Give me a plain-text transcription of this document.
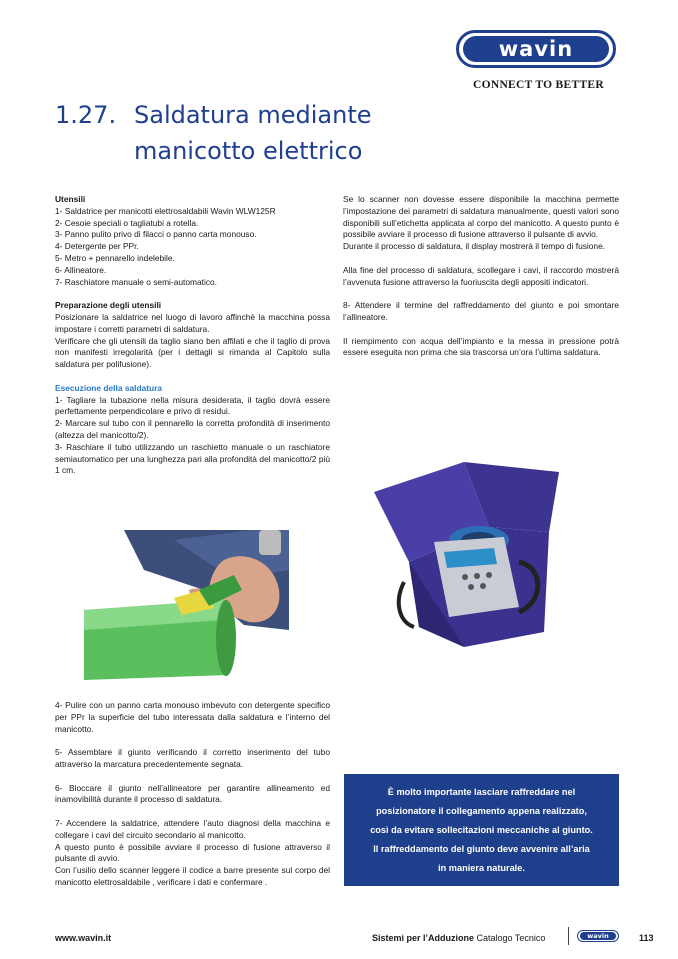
wavin
CONNECT TO BETTER
1.27. Saldatura mediante
manicotto elettrico

Utensili

1- Saldatrice per manicotti elettrosaldabili Wavin WLW125R

2- Cesoie speciali o tagliatubi a rotella.

3- Panno pulito privo di filacci o panno carta monouso.

4- Detergente per PPr.

5- Metro + pennarello indelebile.

6- Allineatore.

7- Raschiatore manuale o semi-automatico.

Preparazione degli utensili

Posizionare la saldatrice nel luogo di lavoro affinchè la macchina possa impostare i corretti parametri di saldatura.

Verificare che gli utensili da taglio siano ben affilati e che il taglio di prova non manifesti irregolarità (per i dettagli si rimanda al Capitolo sulla saldatura per polifusione).

Esecuzione della saldatura

1- Tagliare la tubazione nella misura desiderata, il taglio dovrà essere perfettamente perpendicolare e privo di residui.

2- Marcare sul tubo con il pennarello la corretta profondità di inserimento (altezza del manicotto/2).

3- Raschiare il tubo utilizzando un raschietto manuale o un raschiatore semiautomatico per una lunghezza pari alla profondità del manicotto/2 più 1 cm.

4- Pulire con un panno carta monouso imbevuto con detergente specifico per PPr la superficie del tubo interessata dalla saldatura e l’interno del manicotto.

5- Assemblare il giunto verificando il corretto inserimento del tubo attraverso la marcatura precedentemente segnata.

6- Bloccare il giunto nell’allineatore per garantire allineamento ed inamovibilità durante il processo di saldatura.

7- Accendere la saldatrice, attendere l’auto diagnosi della macchina e collegare i cavi del circuito secondario al manicotto.

A questo punto è possibile avviare il processo di fusione attraverso il pulsante di avvio.

Con l’usilio dello scanner leggere il codice a barre presente sul corpo del manicotto elettrosaldabile , verificare i dati e confermare .

Se lo scanner non dovesse essere disponibile la macchina permette l’impostazione dei parametri di saldatura manualmente, questi valori sono disponibili sull’etichetta applicata al corpo del manicotto. A questo punto è possibile avviare il processo di fusione attraverso il pulsante di avvio.

Durante il processo di saldatura, il display mostrerà il tempo di fusione.

Alla fine del processo di saldatura, scollegare i cavi, il raccordo mostrerà l’avvenuta fusione attraverso la fuoriuscita degli appositi indicatori.

8- Attendere il termine del raffreddamento del giunto e poi smontare l’allineatore.

Il riempimento con acqua dell’impianto e la messa in pressione potrà essere eseguita non prima che sia trascorsa un’ora l’ultima saldatura.

È molto importante lasciare raffreddare nel
posizionatore il collegamento appena realizzato,
così da evitare sollecitazioni meccaniche al giunto.
Il raffreddamento del giunto deve avvenire all’aria
in maniera naturale.
www.wavin.it	Sistemi per l’Adduzione Catalogo Tecnico	wavin	113
